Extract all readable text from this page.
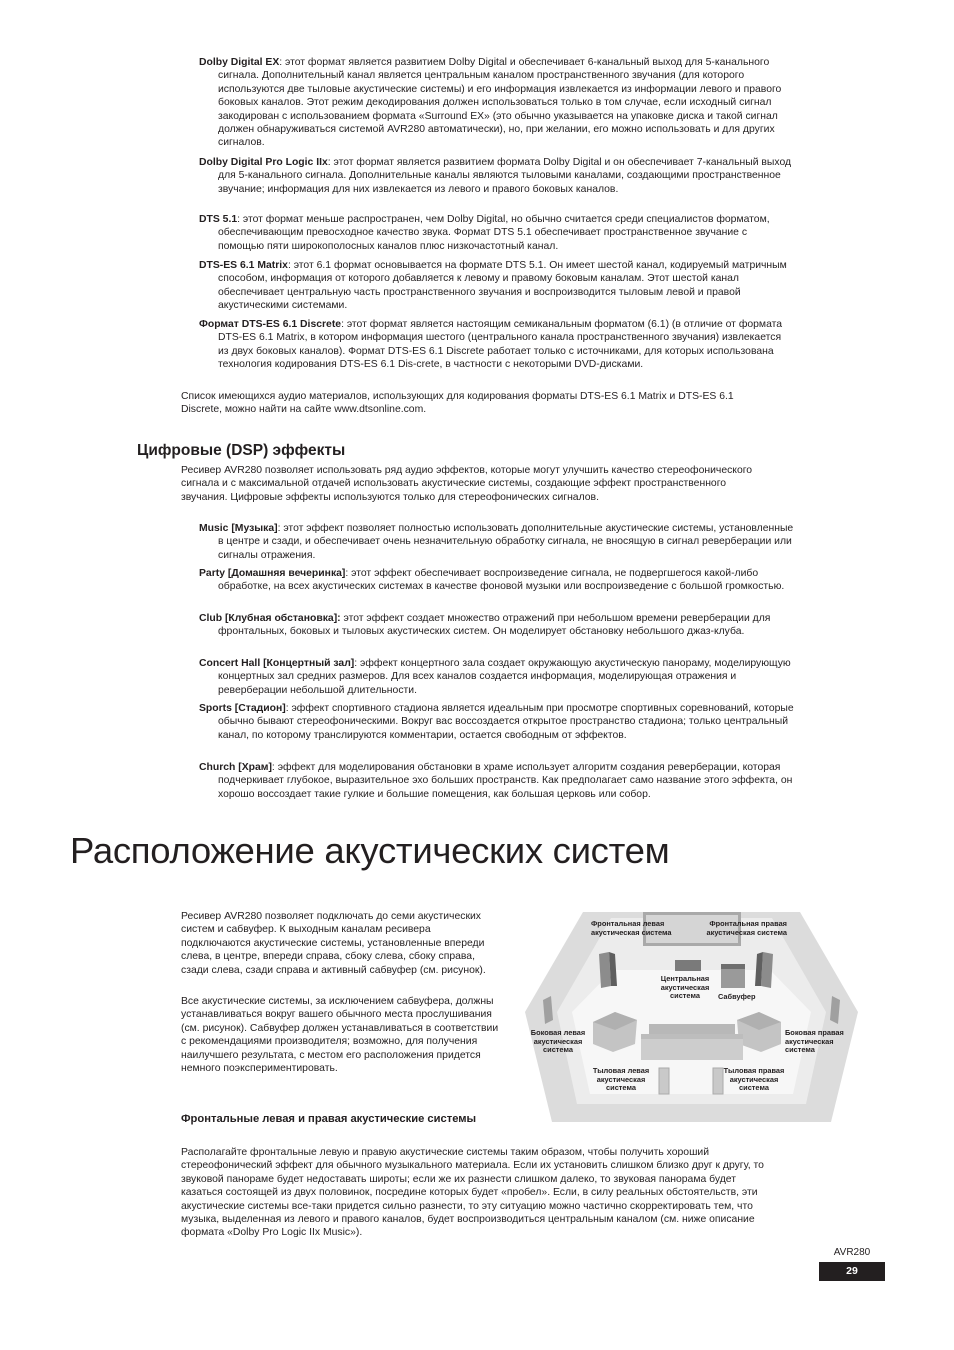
Dolby Digital EX: этот формат является развитием Dolby Digital и обеспечивает 6-канальный выход для 5-канального сигнала. Дополнительный канал является центральным каналом пространственного звучания (для которого используются две тыловые акустические системы) и его информация извлекается из информации левого и правого боковых каналов. Этот режим декодирования должен использоваться только в том случае, если исходный сигнал закодирован с использованием формата «Surround EX» (это обычно указывается на упаковке диска и такой сигнал должен обнаруживаться системой AVR280 автоматически), но, при желании, его можно использовать и для других сигналов.
Dolby Digital Pro Logic IIx: этот формат является развитием формата Dolby Digital и он обеспечивает 7-канальный выход для 5-канального сигнала. Дополнительные каналы являются тыловыми каналами, создающими пространственное звучание; информация для них извлекается из левого и правого боковых каналов.
DTS 5.1: этот формат меньше распространен, чем Dolby Digital, но обычно считается среди специалистов форматом, обеспечивающим превосходное качество звука. Формат DTS 5.1 обеспечивает пространственное звучание с помощью пяти широкополосных каналов плюс низкочастотный канал.
DTS-ES 6.1 Matrix: этот 6.1 формат основывается на формате DTS 5.1. Он имеет шестой канал, кодируемый матричным способом, информация от которого добавляется к левому и правому боковым каналам. Этот шестой канал обеспечивает центральную часть пространственного звучания и воспроизводится тыловым левой и правой акустическими системами.
Формат DTS-ES 6.1 Discrete: этот формат является настоящим семиканальным форматом (6.1) (в отличие от формата DTS-ES 6.1 Matrix, в котором информация шестого (центрального канала пространственного звучания) извлекается из двух боковых каналов). Формат DTS-ES 6.1 Discrete работает только с источниками, для которых использована технология кодирования DTS-ES 6.1 Dis-crete, в частности с некоторыми DVD-дисками.
Список имеющихся аудио материалов, использующих для кодирования форматы DTS-ES 6.1 Matrix и DTS-ES 6.1 Discrete, можно найти на сайте www.dtsonline.com.
Цифровые (DSP) эффекты
Ресивер AVR280 позволяет использовать ряд аудио эффектов, которые могут улучшить качество стереофонического сигнала и с максимальной отдачей использовать акустические системы, создающие эффект пространственного звучания. Цифровые эффекты используются только для стереофонических сигналов.
Music [Музыка]: этот эффект позволяет полностью использовать дополнительные акустические системы, установленные в центре и сзади, и обеспечивает очень незначительную обработку сигнала, не вносящую в сигнал реверберации или сигналы отражения.
Party [Домашняя вечеринка]: этот эффект обеспечивает воспроизведение сигнала, не подвергшегося какой-либо обработке, на всех акустических системах в качестве фоновой музыки или воспроизведение с большой громкостью.
Club [Клубная обстановка]: этот эффект создает множество отражений при небольшом времени реверберации для фронтальных, боковых и тыловых акустических систем. Он моделирует обстановку небольшого джаз-клуба.
Concert Hall [Концертный зал]: эффект концертного зала создает окружающую акустическую панораму, моделирующую концертных зал средних размеров. Для всех каналов создается информация, моделирующая отражения и реверберации небольшой длительности.
Sports [Стадион]: эффект спортивного стадиона является идеальным при просмотре спортивных соревнований, которые обычно бывают стереофоническими. Вокруг вас воссоздается открытое пространство стадиона; только центральный канал, по которому транслируются комментарии, остается свободным от эффектов.
Church [Храм]: эффект для моделирования обстановки в храме использует алгоритм создания реверберации, которая подчеркивает глубокое, выразительное эхо больших пространств. Как предполагает само название этого эффекта, он хорошо воссоздает такие гулкие и большие помещения, как большая церковь или собор.
Расположение акустических систем
Ресивер AVR280 позволяет подключать до семи акустических систем и сабвуфер. К выходным каналам ресивера подключаются акустические системы, установленные впереди слева, в центре, впереди справа, сбоку слева, сбоку справа, сзади слева, сзади справа и активный сабвуфер (см. рисунок).
Все акустические системы, за исключением сабвуфера, должны устанавливаться вокруг вашего обычного места прослушивания (см. рисунок). Сабвуфер должен устанавливаться в соответствии с рекомендациями производителя; возможно, для получения наилучшего результата, с местом его расположения придется немного поэкспериментировать.
Фронтальная левая акустическая система
Фронтальная правая акустическая система
Центральная акустическая система	Сабвуфер
Боковая левая акустическая система
Боковая правая акустическая система
Тыловая левая акустическая система
Тыловая правая акустическая система
Фронтальные левая и правая акустические системы
Располагайте фронтальные левую и правую акустические системы таким образом, чтобы получить хороший стереофонический эффект для обычного музыкального материала. Если их установить слишком близко друг к другу, то звуковой панораме будет недоставать широты; если же их разнести слишком далеко, то звуковая панорама будет казаться состоящей из двух половинок, посредине которых будет «пробел». Если, в силу реальных обстоятельств, эти акустические системы все-таки придется сильно разнести, то эту ситуацию можно частично скорректировать тем, что музыка, выделенная из левого и правого каналов, будет воспроизводиться центральным каналом (см. ниже описание формата «Dolby Pro Logic IIx Music»).
AVR280
29
